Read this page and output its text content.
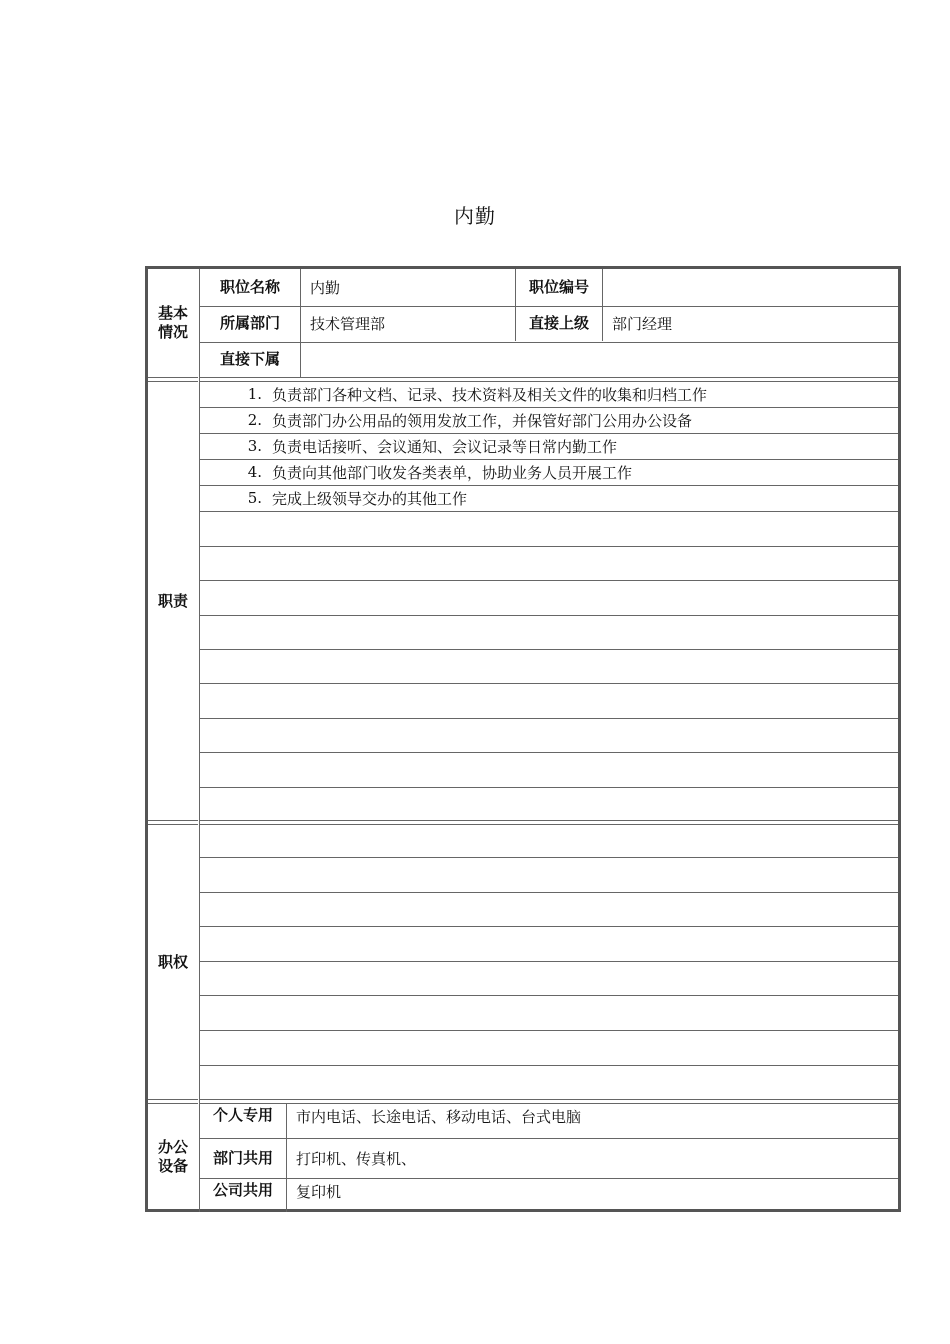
内勤
基本
情况
职位名称	内勤	职位编号
所属部门	技术管理部	直接上级	部门经理
直接下属
职责
1. 负责部门各种文档、记录、技术资料及相关文件的收集和归档工作
2. 负责部门办公用品的领用发放工作，并保管好部门公用办公设备
3. 负责电话接听、会议通知、会议记录等日常内勤工作
4. 负责向其他部门收发各类表单，协助业务人员开展工作
5. 完成上级领导交办的其他工作
职权
办公
设备
个人专用	市内电话、长途电话、移动电话、台式电脑
部门共用	打印机、传真机、
公司共用	复印机
